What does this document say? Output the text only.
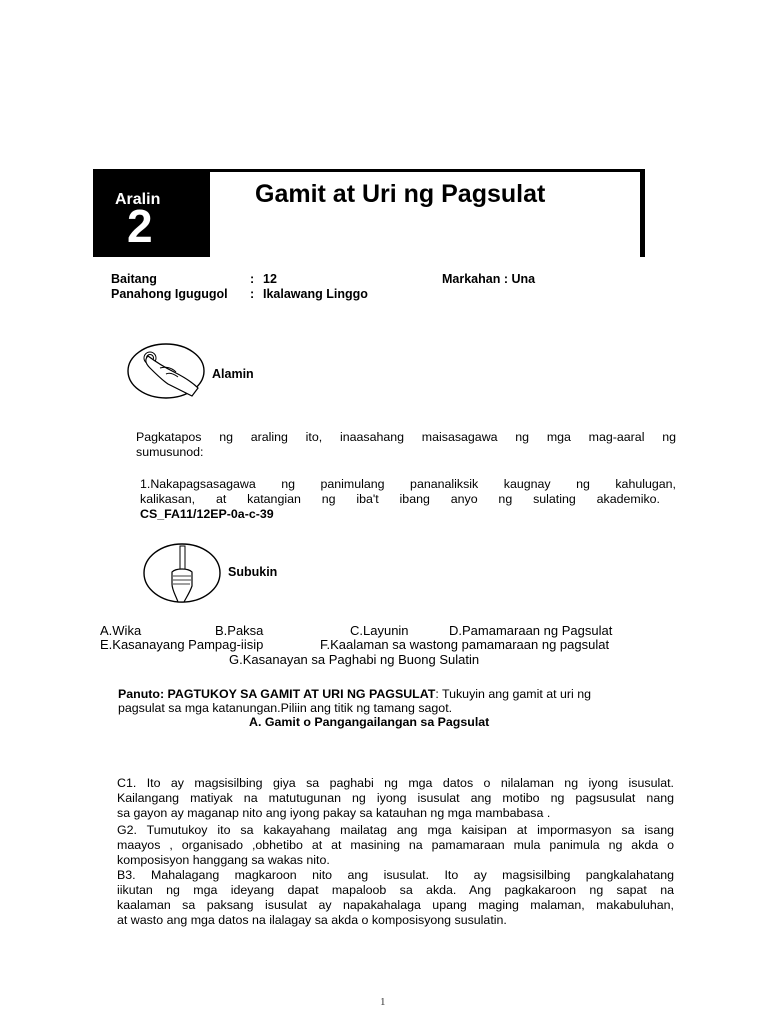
Aralin
2
Gamit at Uri ng Pagsulat
Baitang	: 12	Markahan : Una
Panahong Igugugol : Ikalawang Linggo
Alamin
Pagkatapos ng araling ito, inaasahang maisasagawa ng mga mag-aaral ng
sumusunod:
1.Nakapagsasagawa ng panimulang pananaliksik kaugnay ng kahulugan,
kalikasan, at katangian ng iba't ibang anyo ng sulating akademiko.
CS_FA11/12EP-0a-c-39
Subukin
A.Wika	B.Paksa	C.Layunin	D.Pamamaraan ng Pagsulat
E.Kasanayang Pampag-iisip	F.Kaalaman sa wastong pamamaraan ng pagsulat
G.Kasanayan sa Paghabi ng Buong Sulatin
Panuto: PAGTUKOY SA GAMIT AT URI NG PAGSULAT: Tukuyin ang gamit at uri ng
pagsulat sa mga katanungan.Piliin ang titik ng tamang sagot.
A. Gamit o Pangangailangan sa Pagsulat
C1. Ito ay magsisilbing giya sa paghabi ng mga datos o nilalaman ng iyong isusulat.
Kailangang matiyak na matutugunan ng iyong isusulat ang motibo ng pagsusulat nang
sa gayon ay maganap nito ang iyong pakay sa katauhan ng mga mambabasa .
G2. Tumutukoy ito sa kakayahang mailatag ang mga kaisipan at impormasyon sa isang
maayos , organisado ,obhetibo at at masining na pamamaraan mula panimula ng akda o
komposisyon hanggang sa wakas nito.
B3. Mahalagang magkaroon nito ang isusulat. Ito ay magsisilbing pangkalahatang
iikutan ng mga ideyang dapat mapaloob sa akda. Ang pagkakaroon ng sapat na
kaalaman sa paksang isusulat ay napakahalaga upang maging malaman, makabuluhan,
at wasto ang mga datos na ilalagay sa akda o komposisyong susulatin.
1
